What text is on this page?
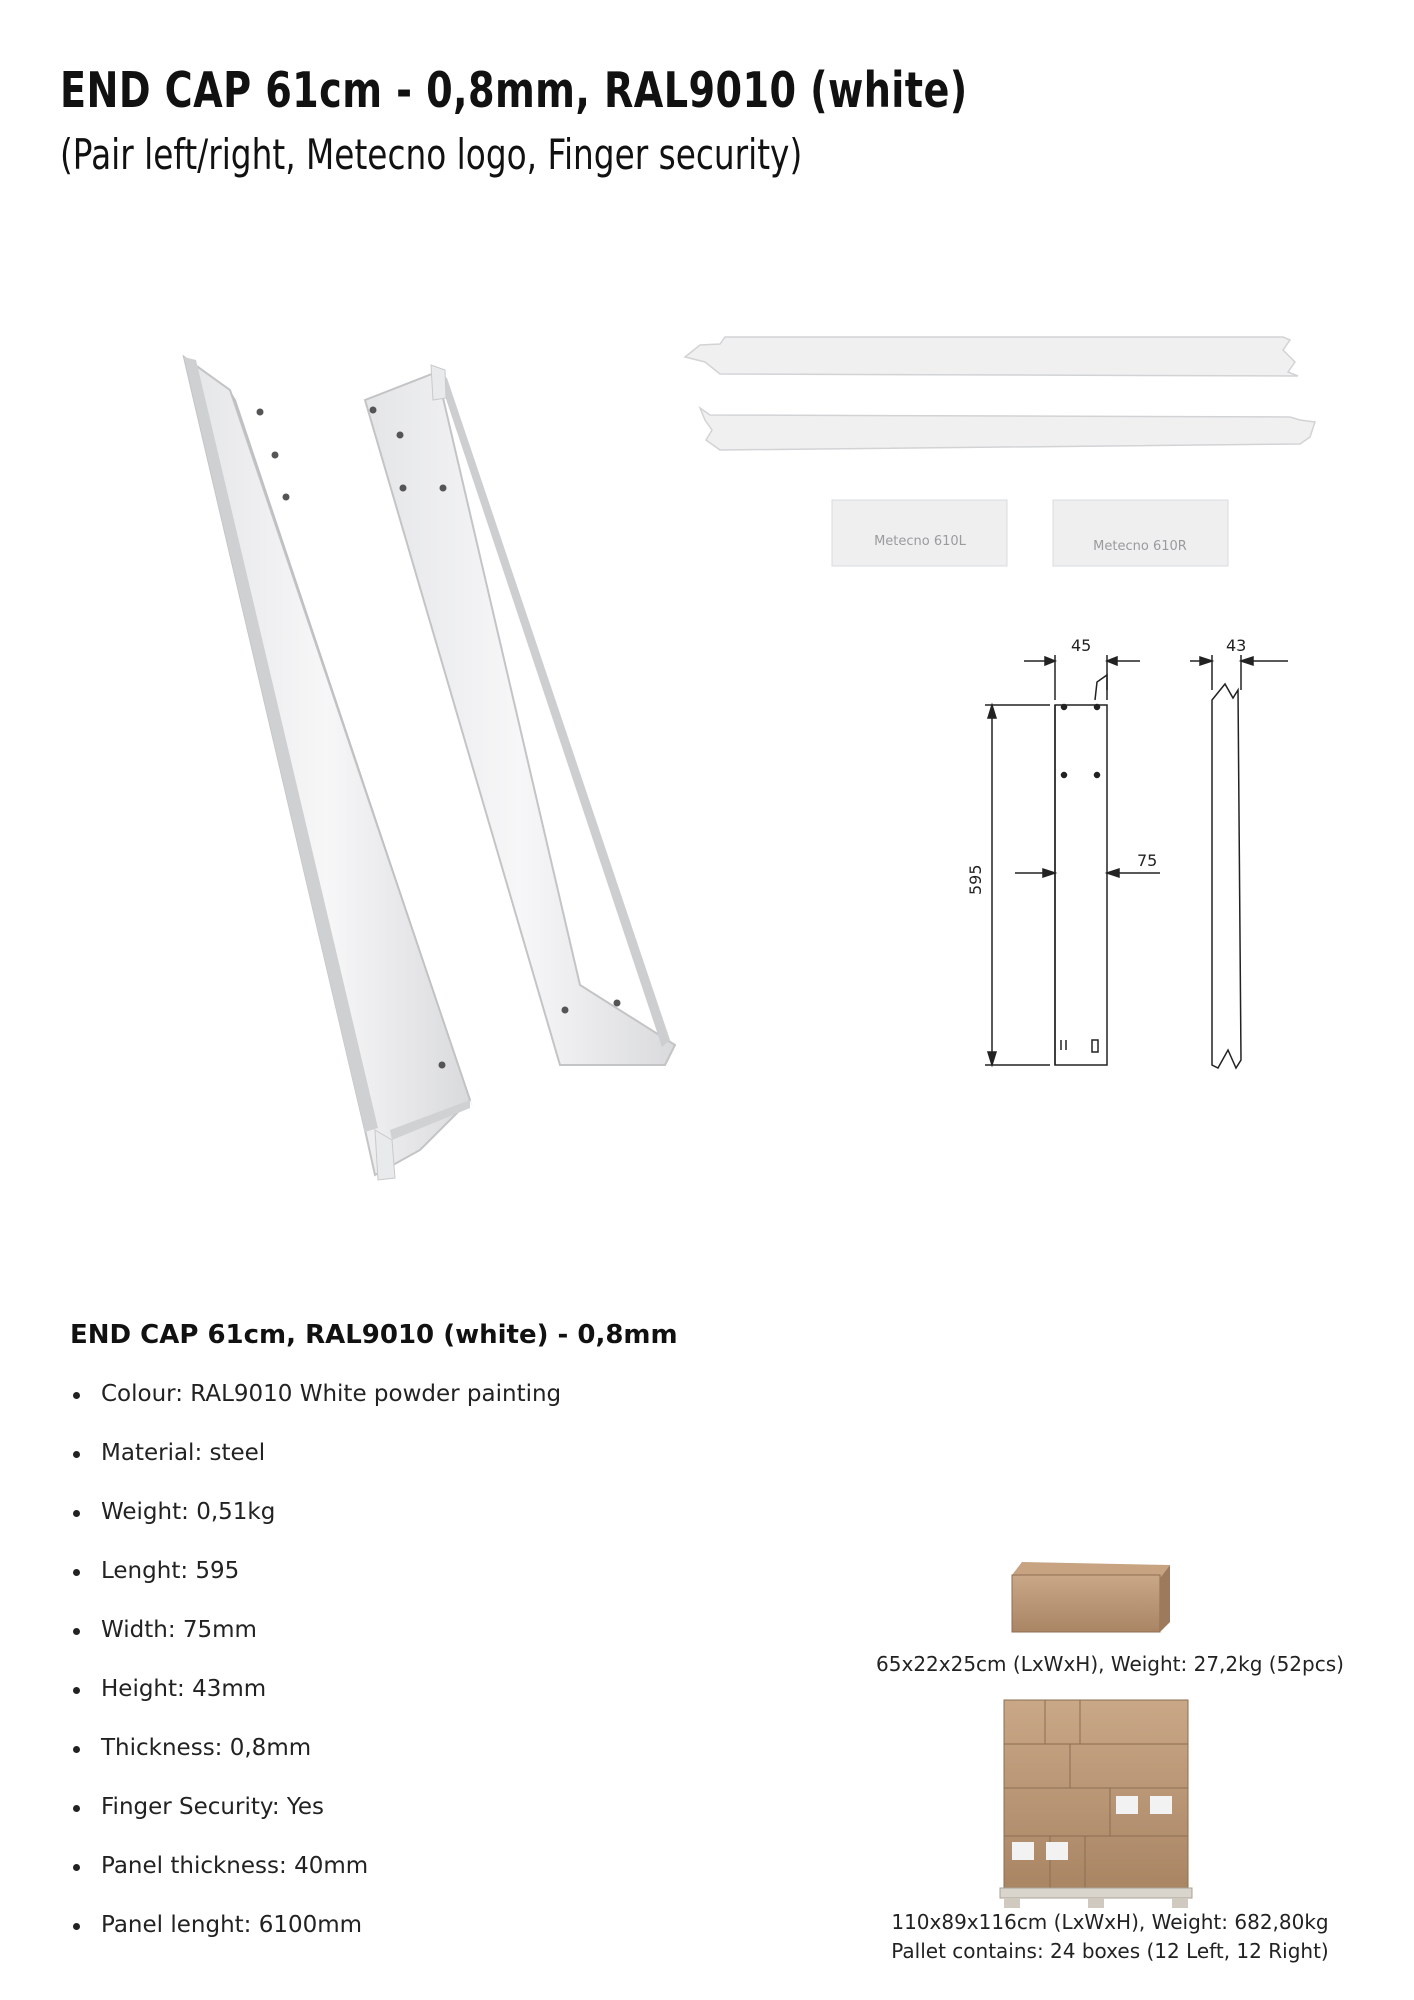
END CAP 61cm - 0,8mm, RAL9010 (white)
(Pair left/right, Metecno logo, Finger security)
Metecno 610L	Metecno 610R
45	43
595
75
END CAP 61cm, RAL9010 (white) - 0,8mm
Colour: RAL9010 White powder painting
Material: steel
Weight: 0,51kg
Lenght: 595
Width: 75mm
Height: 43mm
Thickness: 0,8mm
Finger Security: Yes
Panel thickness: 40mm
Panel lenght: 6100mm
65x22x25cm (LxWxH), Weight: 27,2kg (52pcs)
110x89x116cm (LxWxH), Weight: 682,80kg
Pallet contains: 24 boxes (12 Left, 12 Right)
